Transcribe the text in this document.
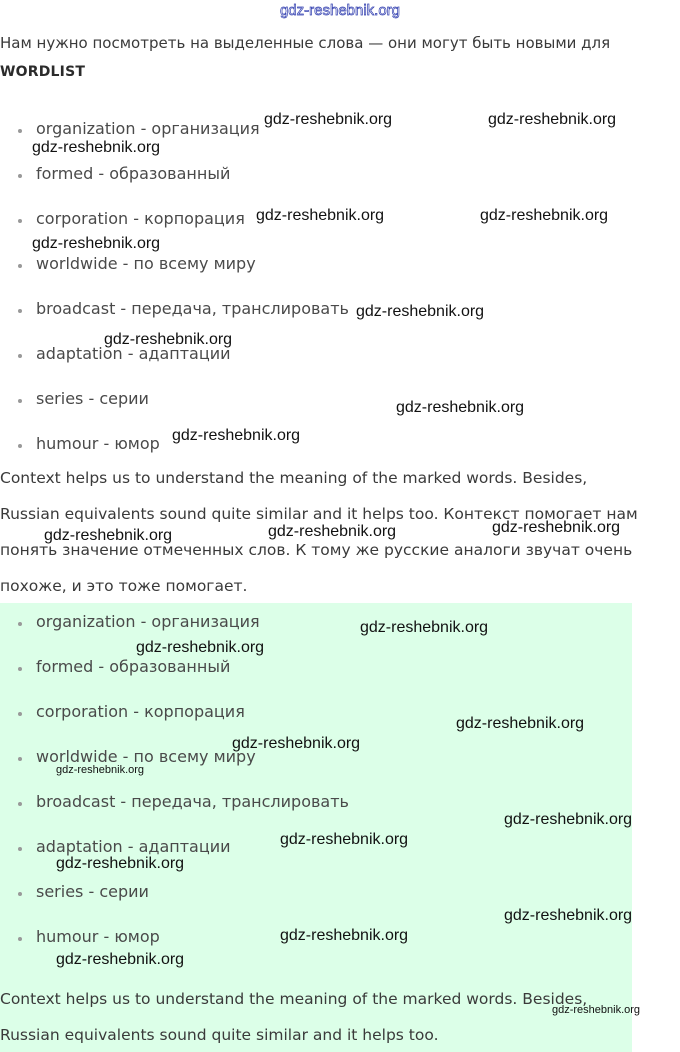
gdz-reshebnik.org
Нам нужно посмотреть на выделенные слова — они могут быть новыми для
WORDLIST
organization - организация
formed - образованный
corporation - корпорация
worldwide - по всему миру
broadcast - передача, транслировать
adaptation - адаптации
series - серии
humour - юмор
Context helps us to understand the meaning of the marked words. Besides,
Russian equivalents sound quite similar and it helps too. Контекст помогает нам
понять значение отмеченных слов. К тому же русские аналоги звучат очень
похоже, и это тоже помогает.
organization - организация
formed - образованный
corporation - корпорация
worldwide - по всему миру
broadcast - передача, транслировать
adaptation - адаптации
series - серии
humour - юмор
Context helps us to understand the meaning of the marked words. Besides,
Russian equivalents sound quite similar and it helps too.
gdz-reshebnik.org	gdz-reshebnik.org
gdz-reshebnik.org
gdz-reshebnik.org	gdz-reshebnik.org
gdz-reshebnik.org
gdz-reshebnik.org
gdz-reshebnik.org
gdz-reshebnik.org
gdz-reshebnik.org
gdz-reshebnik.org
gdz-reshebnik.org
gdz-reshebnik.org
gdz-reshebnik.org
gdz-reshebnik.org
gdz-reshebnik.org
gdz-reshebnik.org
gdz-reshebnik.org
gdz-reshebnik.org
gdz-reshebnik.org
gdz-reshebnik.org
gdz-reshebnik.org
gdz-reshebnik.org
gdz-reshebnik.org
gdz-reshebnik.org
